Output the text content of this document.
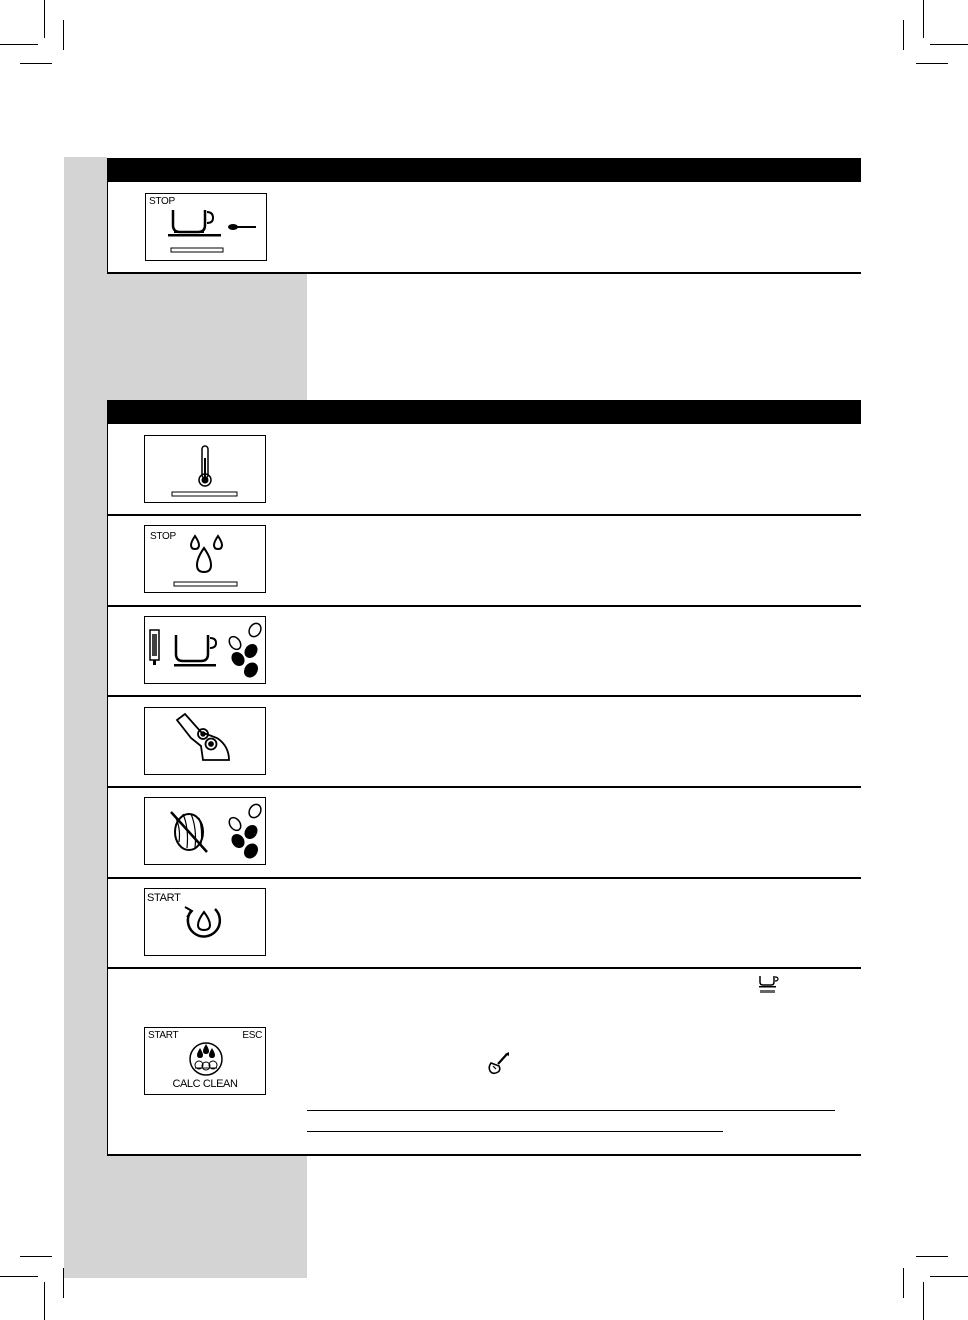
STOP
STOP
START
START	ESC
CALC CLEAN
